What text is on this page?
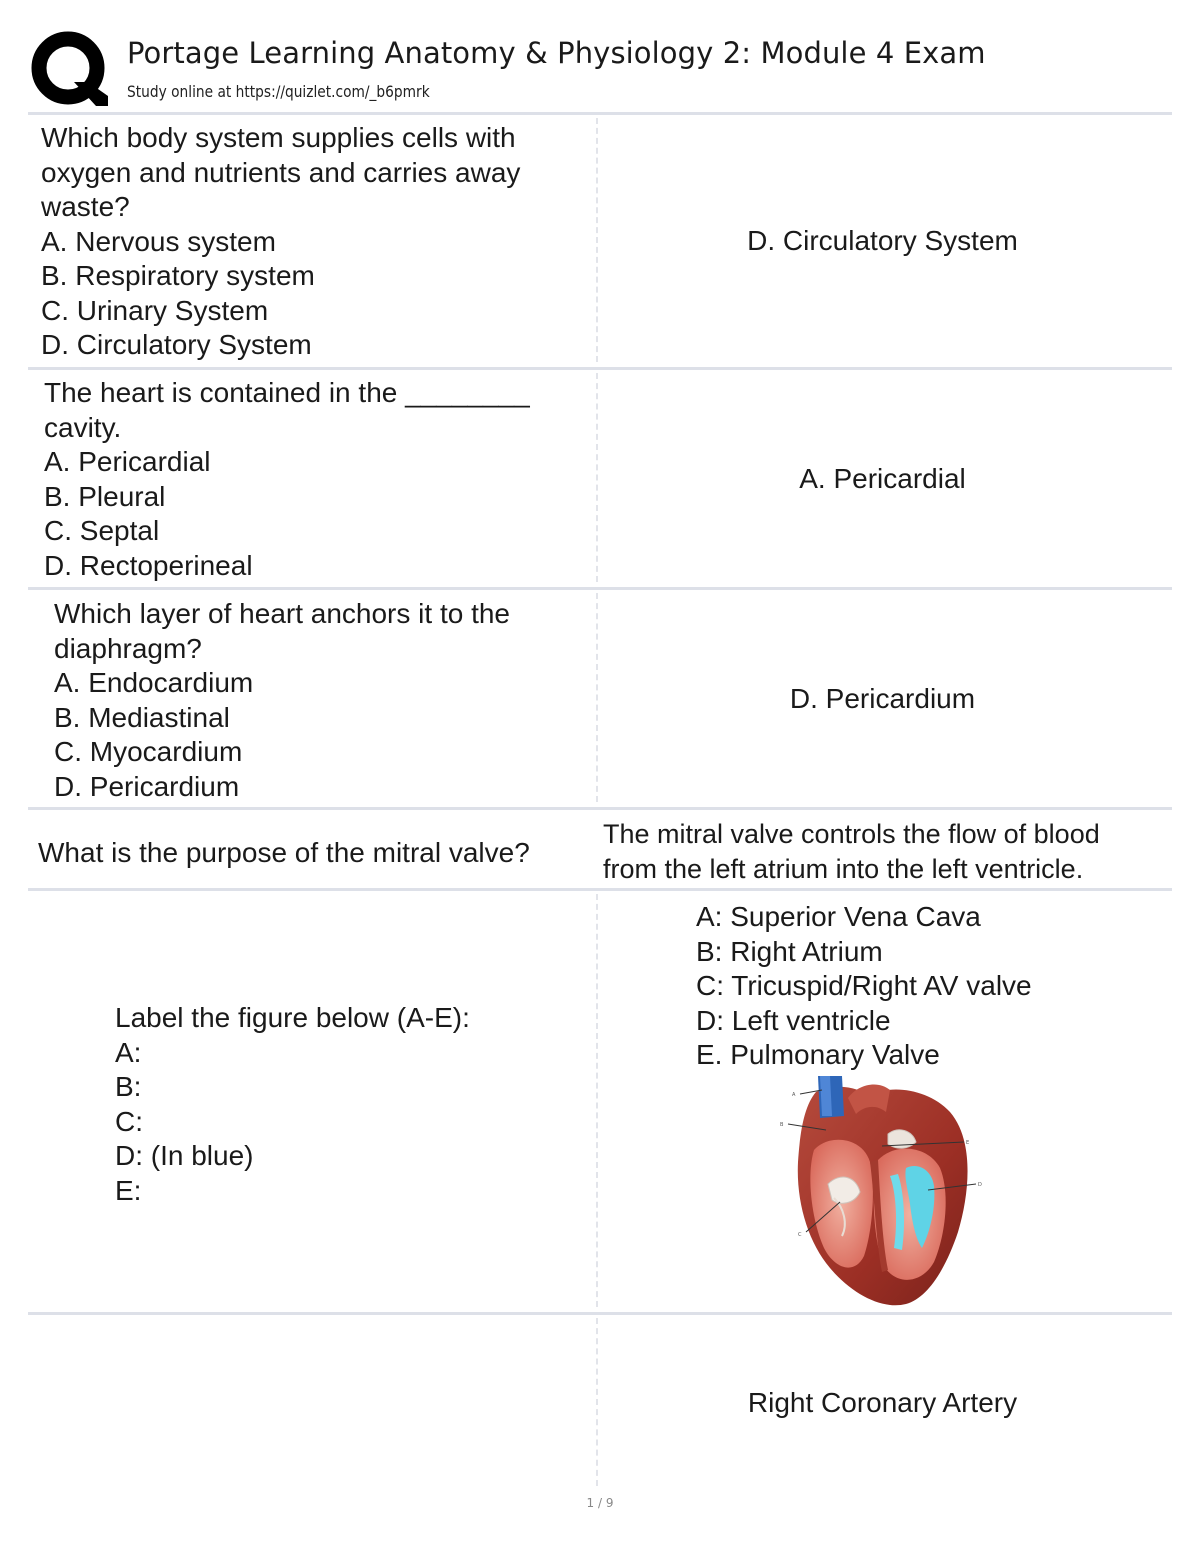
Portage Learning Anatomy & Physiology 2: Module 4 Exam
Study online at https://quizlet.com/_b6pmrk
Which body system supplies cells with
oxygen and nutrients and carries away
waste?
A. Nervous system
B. Respiratory system
C. Urinary System
D. Circulatory System
D. Circulatory System
The heart is contained in the ________
cavity.
A. Pericardial
B. Pleural
C. Septal
D. Rectoperineal
A. Pericardial
Which layer of heart anchors it to the
diaphragm?
A. Endocardium
B. Mediastinal
C. Myocardium
D. Pericardium
D. Pericardium
What is the purpose of the mitral valve?
The mitral valve controls the flow of blood
from the left atrium into the left ventricle.
Label the figure below (A-E):
A:
B:
C:
D: (In blue)
E:
A: Superior Vena Cava
B: Right Atrium
C: Tricuspid/Right AV valve
D: Left ventricle
E. Pulmonary Valve
A
B
E
D
C
Right Coronary Artery
1 / 9
